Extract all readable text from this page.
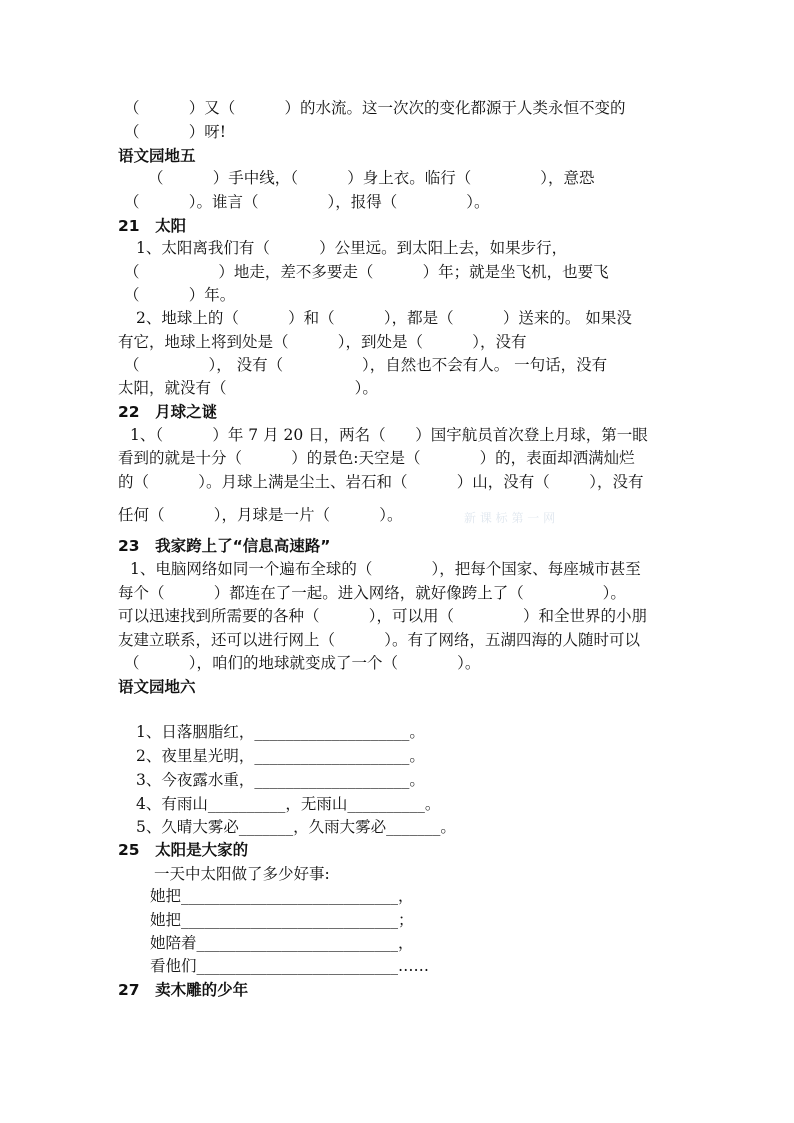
（          ）又（          ）的水流。这一次次的变化都源于人类永恒不变的
（          ）呀!
语文园地五
（          ）手中线，（          ）身上衣。临行（              ），意恐
（          ）。谁言（              ），报得（              ）。
21　太阳
1、太阳离我们有（          ）公里远。到太阳上去，如果步行，
（                ）地走，差不多要走（          ）年；就是坐飞机，也要飞
（          ）年。
2、地球上的（          ）和（          ），都是（          ）送来的。 如果没
有它，地球上将到处是（          ），到处是（          ），没有
（              ）， 没有（                ），自然也不会有人。 一句话，没有
太阳，就没有（                          ）。
22　月球之谜
1、（          ）年 7 月 20 日，两名（      ）国宇航员首次登上月球，第一眼
看到的就是十分（          ）的景色:天空是（            ）的，表面却洒满灿烂
的（          ）。月球上满是尘土、岩石和（          ）山，没有（        ），没有
任何（          ），月球是一片（          ）。	新 课 标 第 一 网
23　我家跨上了“信息高速路”
1、电脑网络如同一个遍布全球的（            ），把每个国家、每座城市甚至
每个（          ）都连在了一起。进入网络，就好像跨上了（                ）。
可以迅速找到所需要的各种（          ），可以用（              ）和全世界的小朋
友建立联系，还可以进行网上（          ）。有了网络，五湖四海的人随时可以
（          ），咱们的地球就变成了一个（            ）。
语文园地六
1、日落胭脂红，____________________。
2、夜里星光明，____________________。
3、今夜露水重，____________________。
4、有雨山__________，无雨山__________。
5、久晴大雾必_______，久雨大雾必_______。
25　太阳是大家的
一天中太阳做了多少好事:
她把____________________________，
她把____________________________；
她陪着__________________________，
看他们__________________________……
27　卖木雕的少年
